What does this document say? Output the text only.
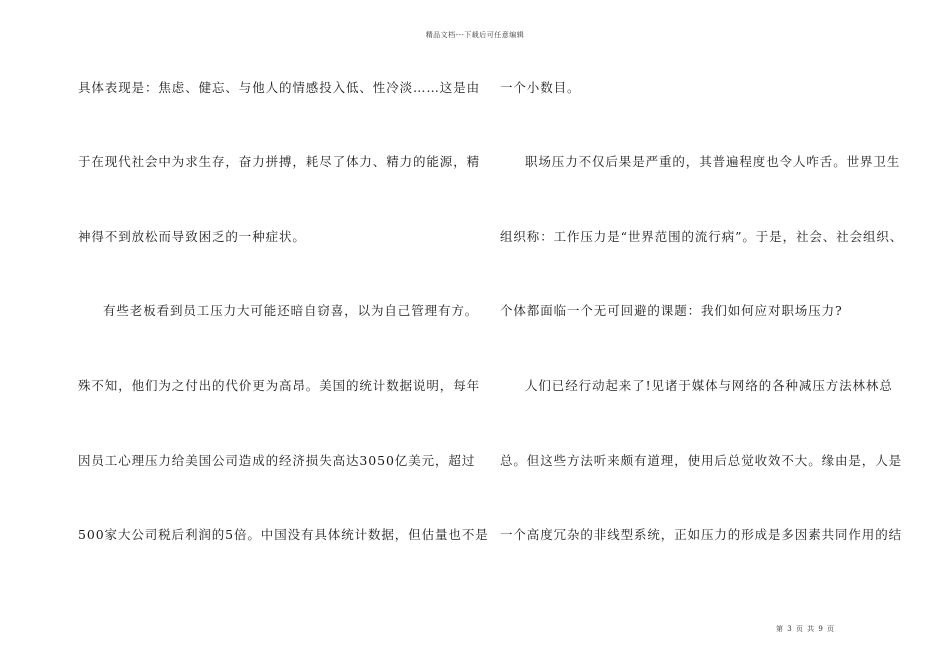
精品文档---下载后可任意编辑
具体表现是：焦虑、健忘、与他人的情感投入低、性冷淡……这是由
于在现代社会中为求生存，奋力拼搏，耗尽了体力、精力的能源，精
神得不到放松而导致困乏的一种症状。
有些老板看到员工压力大可能还暗自窃喜，以为自己管理有方。
殊不知，他们为之付出的代价更为高昂。美国的统计数据说明，每年
因员工心理压力给美国公司造成的经济损失高达3050亿美元，超过
500家大公司税后利润的5倍。中国没有具体统计数据，但估量也不是
一个小数目。
职场压力不仅后果是严重的，其普遍程度也令人咋舌。世界卫生
组织称：工作压力是“世界范围的流行病”。于是，社会、社会组织、
个体都面临一个无可回避的课题：我们如何应对职场压力?
人们已经行动起来了!见诸于媒体与网络的各种减压方法林林总
总。但这些方法听来颇有道理，使用后总觉收效不大。缘由是，人是
一个高度冗杂的非线型系统，正如压力的形成是多因素共同作用的结
第 3 页 共 9 页
